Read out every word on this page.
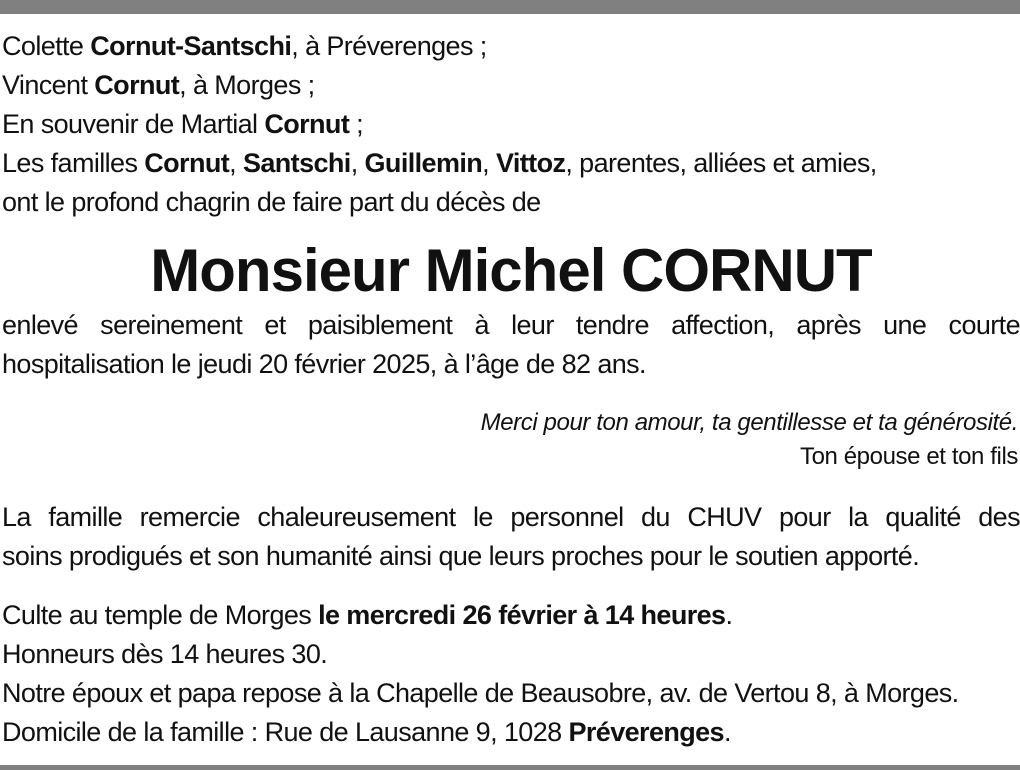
Colette Cornut-Santschi, à Préverenges ;
Vincent Cornut, à Morges ;
En souvenir de Martial Cornut ;
Les familles Cornut, Santschi, Guillemin, Vittoz, parentes, alliées et amies,
ont le profond chagrin de faire part du décès de
Monsieur Michel CORNUT
enlevé sereinement et paisiblement à leur tendre affection, après une courte
hospitalisation le jeudi 20 février 2025, à l’âge de 82 ans.
Merci pour ton amour, ta gentillesse et ta générosité.
Ton épouse et ton fils
La famille remercie chaleureusement le personnel du CHUV pour la qualité des
soins prodigués et son humanité ainsi que leurs proches pour le soutien apporté.
Culte au temple de Morges le mercredi 26 février à 14 heures.
Honneurs dès 14 heures 30.
Notre époux et papa repose à la Chapelle de Beausobre, av. de Vertou 8, à Morges.
Domicile de la famille : Rue de Lausanne 9, 1028 Préverenges.
